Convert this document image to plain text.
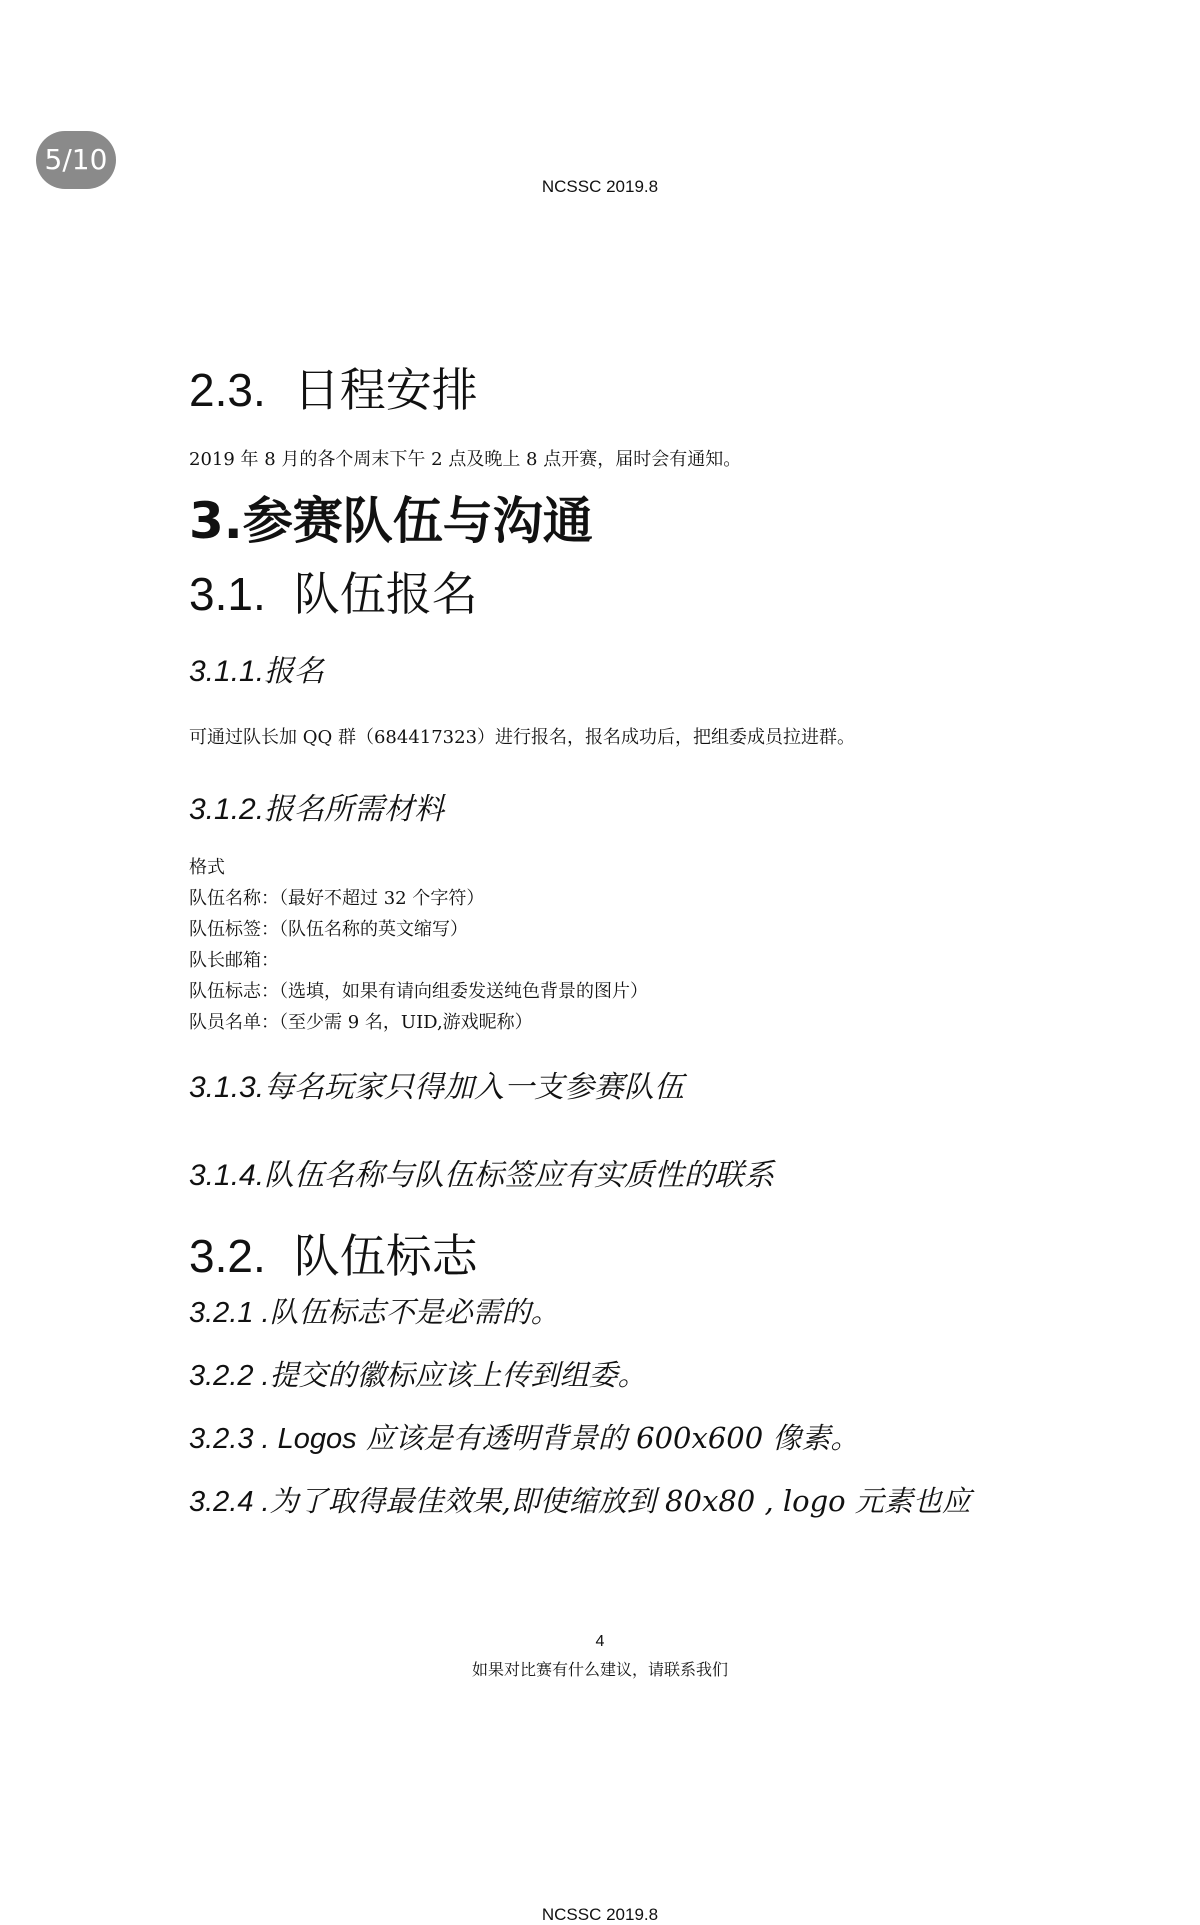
5/10
NCSSC 2019.8
2.3. 日程安排

2019 年 8 月的各个周末下午 2 点及晚上 8 点开赛，届时会有通知。

3.参赛队伍与沟通
3.1. 队伍报名
3.1.1.报名

可通过队长加 QQ 群（684417323）进行报名，报名成功后，把组委成员拉进群。

3.1.2.报名所需材料

格式

队伍名称：（最好不超过 32 个字符）

队伍标签：（队伍名称的英文缩写）

队长邮箱：

队伍标志：（选填，如果有请向组委发送纯色背景的图片）

队员名单：（至少需 9 名，UID,游戏昵称）

3.1.3.每名玩家只得加入一支参赛队伍
3.1.4.队伍名称与队伍标签应有实质性的联系
3.2. 队伍标志
3.2.1 .队伍标志不是必需的。
3.2.2 .提交的徽标应该上传到组委。
3.2.3 . Logos 应该是有透明背景的 600x600 像素。
3.2.4 .为了取得最佳效果,即使缩放到 80x80 , logo 元素也应
4
如果对比赛有什么建议，请联系我们
NCSSC 2019.8
